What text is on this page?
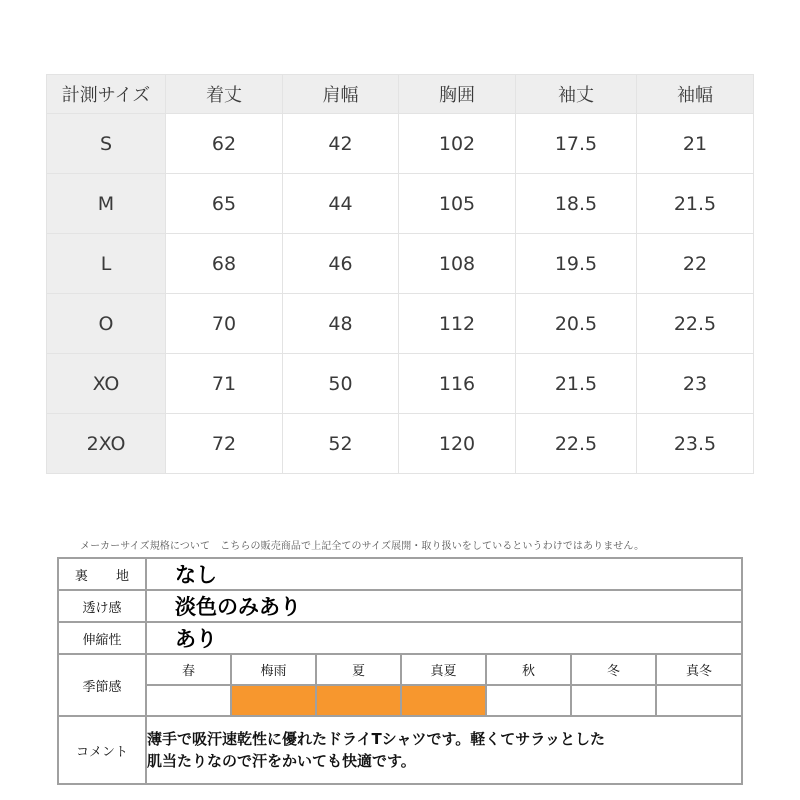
計測サイズ	着丈	肩幅	胸囲	袖丈	袖幅
S	62	42	102	17.5	21
M	65	44	105	18.5	21.5
L	68	46	108	19.5	22
O	70	48	112	20.5	22.5
XO	71	50	116	21.5	23
2XO	72	52	120	22.5	23.5
メーカーサイズ規格について　こちらの販売商品で上記全てのサイズ展開・取り扱いをしているというわけではありません。
裏 地	なし						
透け感	淡色のみあり						
伸縮性	あり						
季節感	春	梅雨	夏	真夏	秋	冬	真冬

コメント	薄手で吸汗速乾性に優れたドライTシャツです。軽くてサラッとした
肌当たりなので汗をかいても快適です。						
